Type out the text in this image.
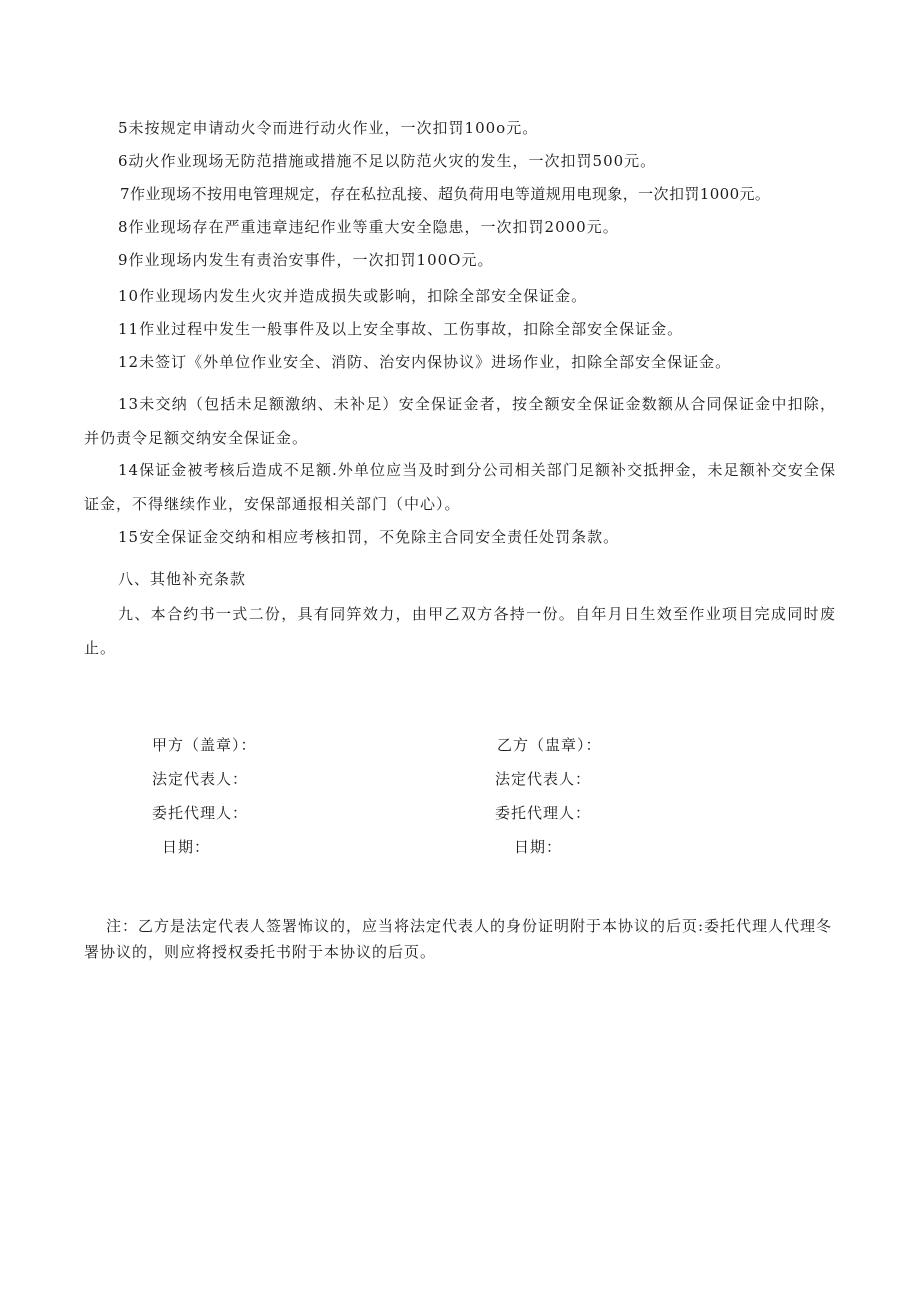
5未按规定申请动火令而进行动火作业，一次扣罚100o元。
6动火作业现场无防范措施或措施不足以防范火灾的发生，一次扣罚500元。
7作业现场不按用电管理规定，存在私拉乱接、超负荷用电等道规用电现象，一次扣罚1000元。
8作业现场存在严重违章违纪作业等重大安全隐患，一次扣罚2000元。
9作业现场内发生有责治安事件，一次扣罚100O元。
10作业现场内发生火灾并造成损失或影响，扣除全部安全保证金。
11作业过程中发生一般事件及以上安全事故、工伤事故，扣除全部安全保证金。
12未签订《外单位作业安全、消防、治安内保协议》进场作业，扣除全部安全保证金。
13未交纳（包括未足额激纳、未补足）安全保证金者，按全额安全保证金数额从合同保证金中扣除，并仍责令足额交纳安全保证金。
14保证金被考核后造成不足额.外单位应当及时到分公司相关部门足额补交抵押金，未足额补交安全保证金，不得继续作业，安保部通报相关部门（中心）。
15安全保证金交纳和相应考核扣罚，不免除主合同安全责任处罚条款。
八、其他补充条款
九、本合约书一式二份，具有同笄效力，由甲乙双方各持一份。自年月日生效至作业项目完成同时废止。
甲方（盖章）：	乙方（盅章）：
法定代表人：	法定代表人：
委托代理人：	委托代理人：
日期：	日期：
注：乙方是法定代表人签署怖议的，应当将法定代表人的身份证明附于本协议的后页:委托代理人代理冬署协议的，则应将授权委托书附于本协议的后页。
